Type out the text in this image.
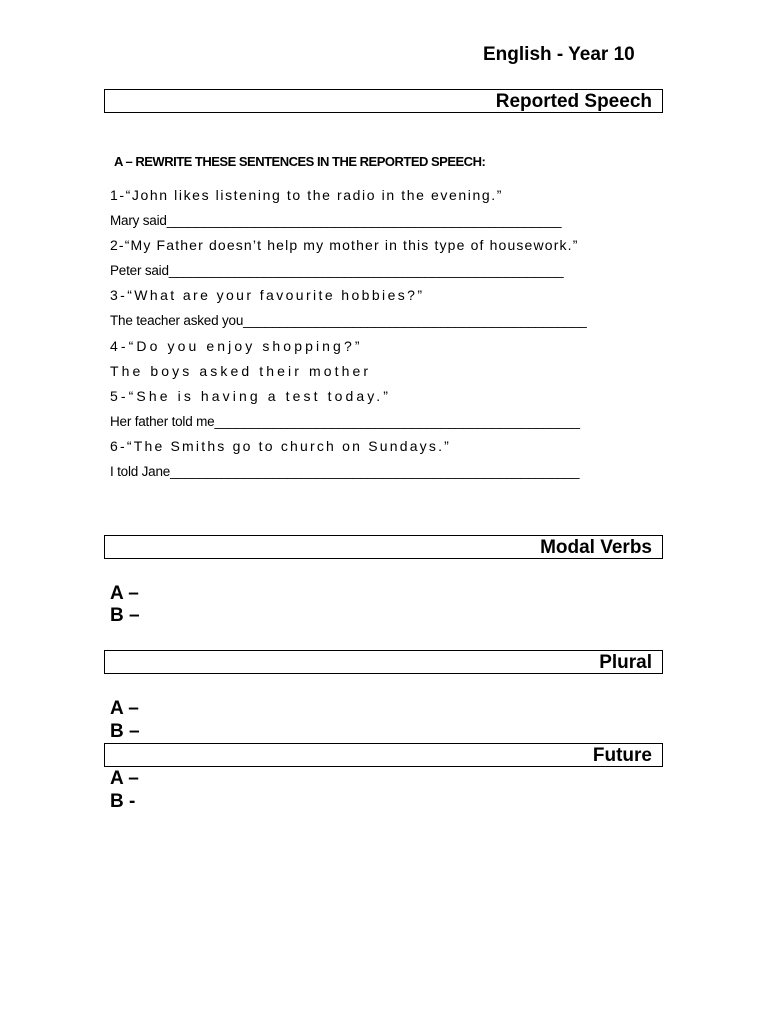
English - Year 10
Reported Speech
A – REWRITE THESE SENTENCES IN THE REPORTED SPEECH:
1-“John likes listening to the radio in the evening.”
Mary said______________________________________________________
2-“My Father doesn’t help my mother in this type of housework.”
Peter said______________________________________________________
3-“What are your favourite hobbies?”
The teacher asked you_______________________________________________
4-“Do you enjoy shopping?”
The boys asked their mother
5-“She is having a test today.”
Her father told me__________________________________________________
6-“The Smiths go to church on Sundays.”
I told Jane________________________________________________________
Modal Verbs
A –
B –
Plural
A –
B –
Future
A –
B -
